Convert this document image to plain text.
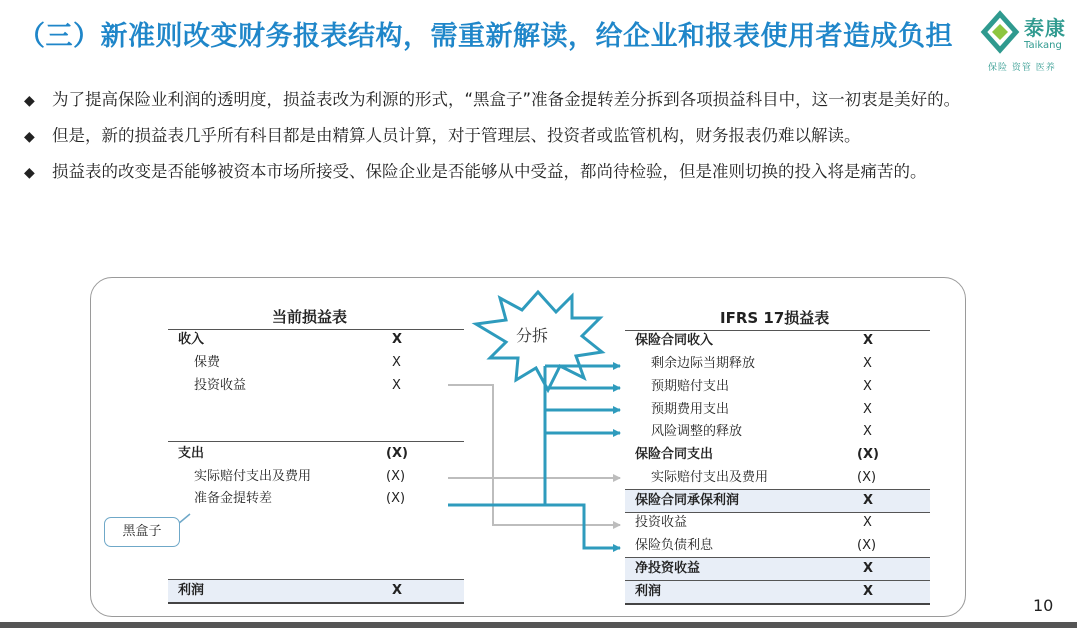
（三）新准则改变财务报表结构，需重新解读，给企业和报表使用者造成负担	泰康
Taikang
保险 资管 医养
◆ 为了提高保险业利润的透明度，损益表改为利源的形式，“黑盒子”准备金提转差分拆到各项损益科目中，这一初衷是美好的。
◆ 但是，新的损益表几乎所有科目都是由精算人员计算，对于管理层、投资者或监管机构，财务报表仍难以解读。
◆ 损益表的改变是否能够被资本市场所接受、保险企业是否能够从中受益，都尚待检验，但是准则切换的投入将是痛苦的。
当前损益表
收入	X
保费	X
投资收益	X
支出	(X)
实际赔付支出及费用	(X)
准备金提转差	(X)
利润	X
IFRS 17损益表
保险合同收入	X
剩余边际当期释放	X
预期赔付支出	X
预期费用支出	X
风险调整的释放	X
保险合同支出	(X)
实际赔付支出及费用	(X)
保险合同承保利润	X
投资收益	X
保险负债利息	(X)
净投资收益	X
利润	X
分拆
黑盒子
10
